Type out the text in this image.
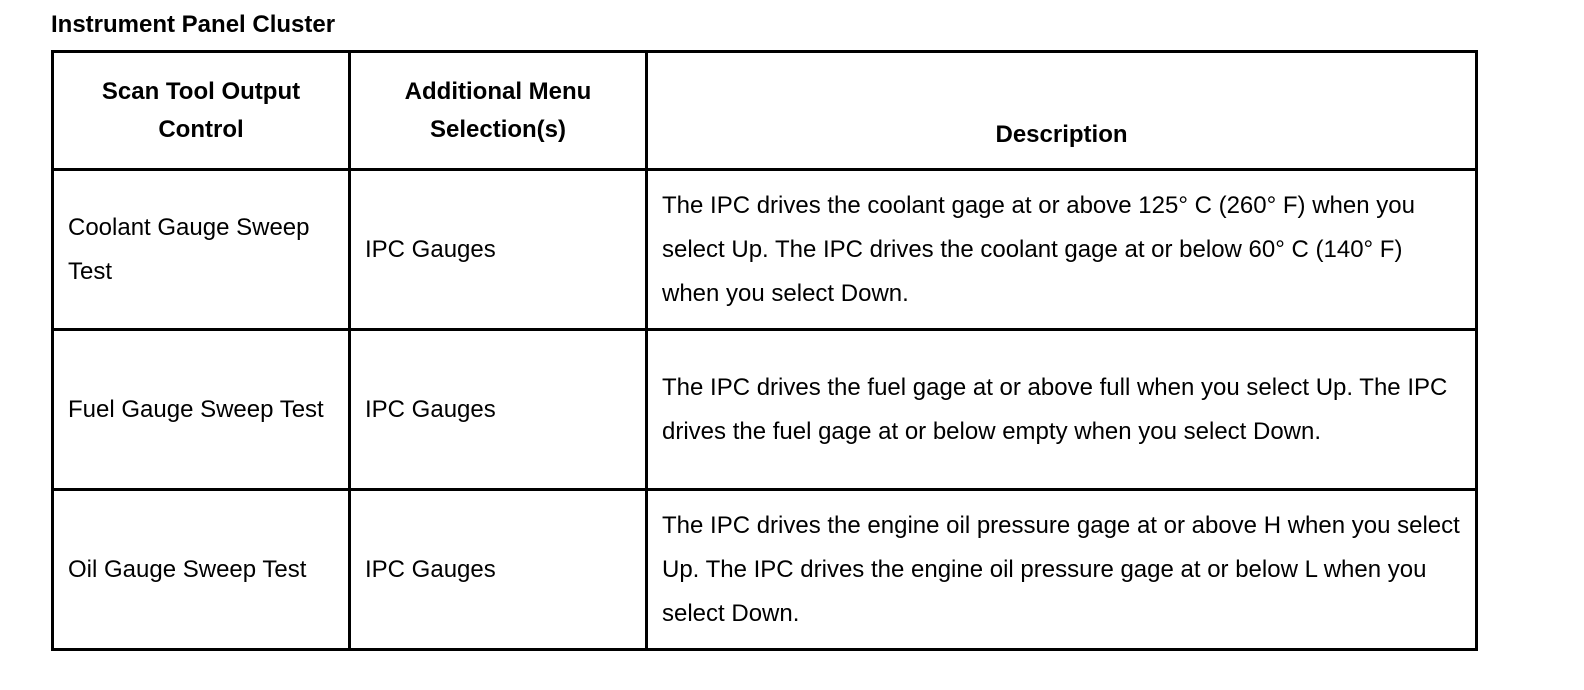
Instrument Panel Cluster
Scan Tool Output Control	Additional Menu Selection(s)	Description
Coolant Gauge Sweep Test	IPC Gauges	The IPC drives the coolant gage at or above 125° C (260° F) when you select Up. The IPC drives the coolant gage at or below 60° C (140° F) when you select Down.
Fuel Gauge Sweep Test	IPC Gauges	The IPC drives the fuel gage at or above full when you select Up. The IPC drives the fuel gage at or below empty when you select Down.
Oil Gauge Sweep Test	IPC Gauges	The IPC drives the engine oil pressure gage at or above H when you select Up. The IPC drives the engine oil pressure gage at or below L when you select Down.
